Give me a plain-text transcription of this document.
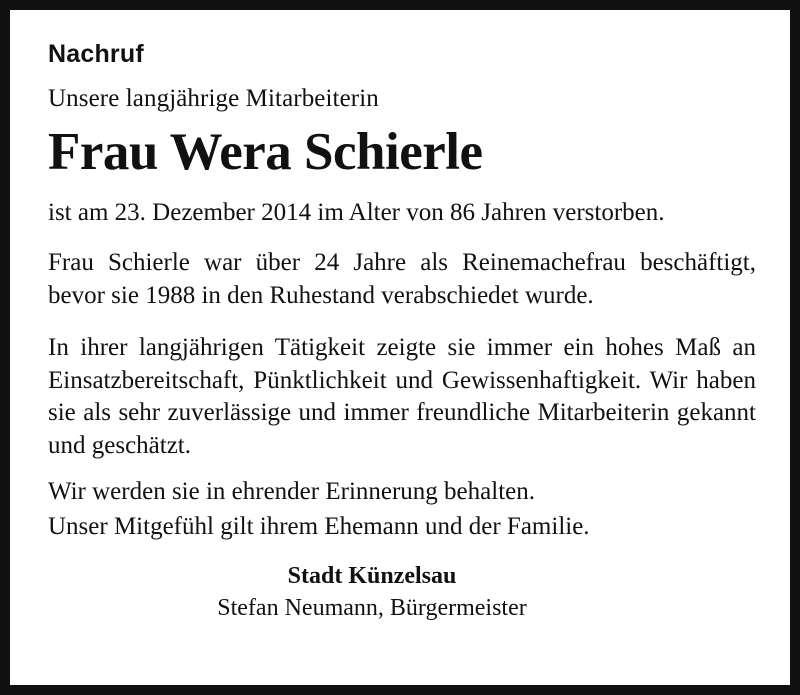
Nachruf
Unsere langjährige Mitarbeiterin
Frau Wera Schierle
ist am 23. Dezember 2014 im Alter von 86 Jahren verstorben.
Frau Schierle war über 24 Jahre als Reinemachefrau beschäftigt, bevor sie 1988 in den Ruhestand verabschiedet wurde.
In ihrer langjährigen Tätigkeit zeigte sie immer ein hohes Maß an Einsatzbereitschaft, Pünktlichkeit und Gewissenhaftigkeit. Wir haben sie als sehr zuverlässige und immer freundliche Mitarbeiterin gekannt und geschätzt.
Wir werden sie in ehrender Erinnerung behalten.
Unser Mitgefühl gilt ihrem Ehemann und der Familie.
Stadt Künzelsau
Stefan Neumann, Bürgermeister
